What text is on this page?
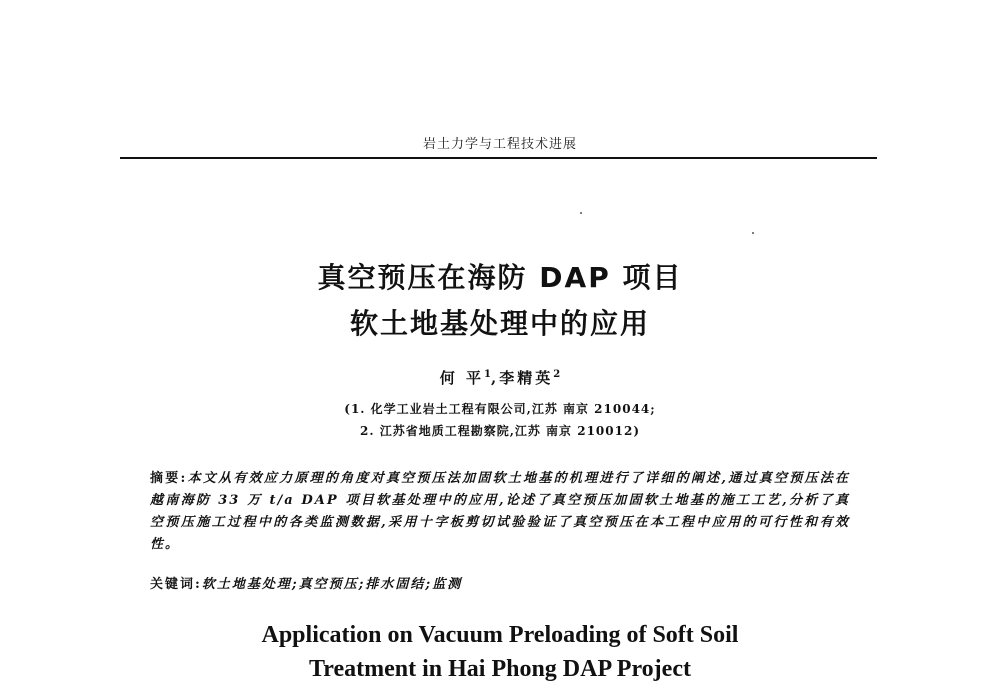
岩土力学与工程技术进展
真空预压在海防 DAP 项目
软土地基处理中的应用
何 平$^1$,李精英$^2$
(1. 化学工业岩土工程有限公司,江苏 南京 210044;
2. 江苏省地质工程勘察院,江苏 南京 210012)
摘要:本文从有效应力原理的角度对真空预压法加固软土地基的机理进行了详细的阐述,通过真空预压法在越南海防 33 万 t/a DAP 项目软基处理中的应用,论述了真空预压加固软土地基的施工工艺,分析了真空预压施工过程中的各类监测数据,采用十字板剪切试验验证了真空预压在本工程中应用的可行性和有效性。
关键词:软土地基处理;真空预压;排水固结;监测
Application on Vacuum Preloading of Soft Soil
Treatment in Hai Phong DAP Project
